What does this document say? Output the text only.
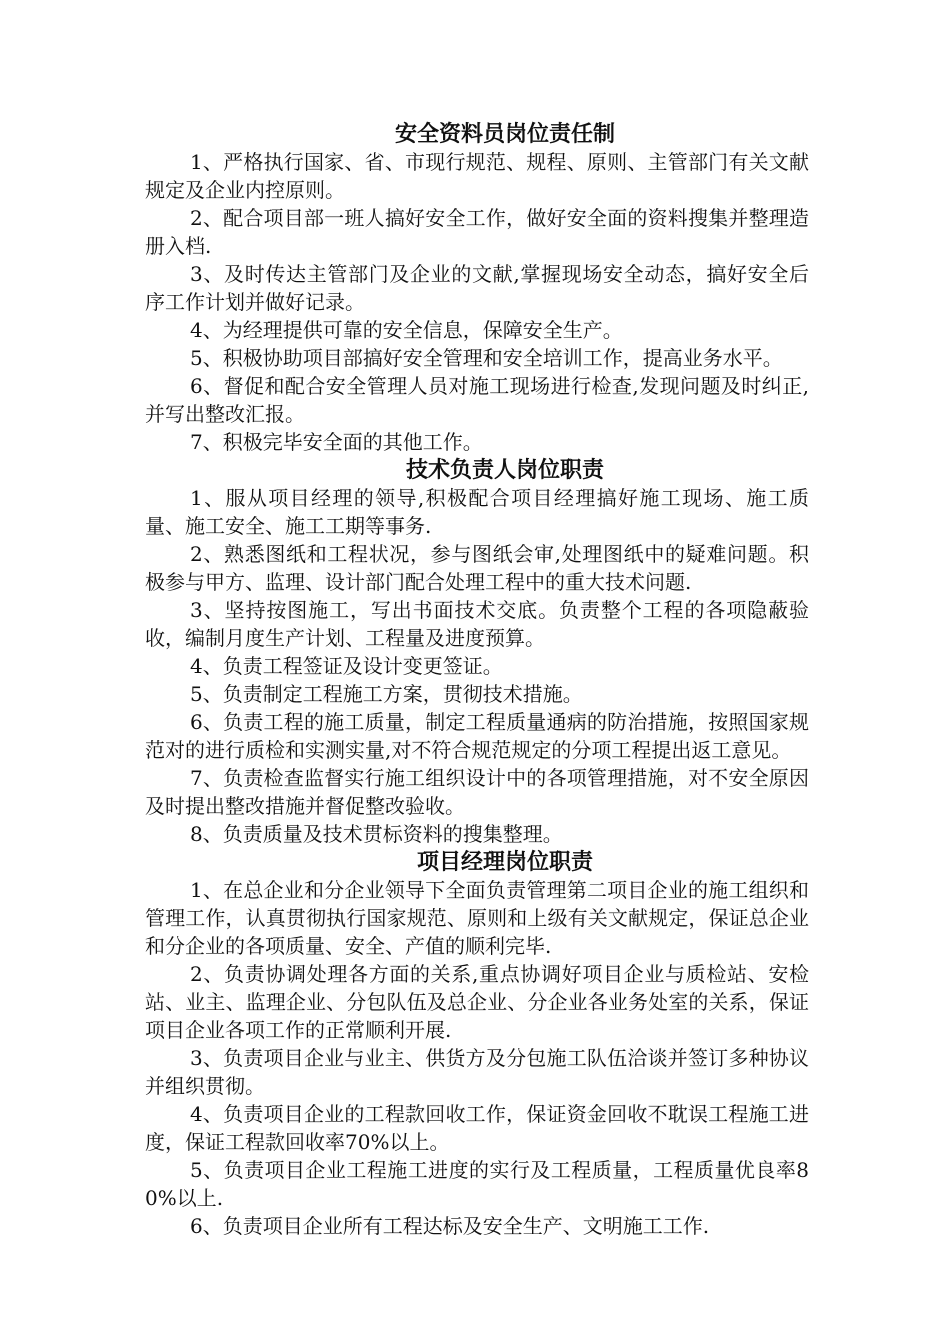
安全资料员岗位责任制

1、严格执行国家、省、市现行规范、规程、原则、主管部门有关文献规定及企业内控原则。

2、配合项目部一班人搞好安全工作，做好安全面的资料搜集并整理造册入档.

3、及时传达主管部门及企业的文献,掌握现场安全动态，搞好安全后序工作计划并做好记录。

4、为经理提供可靠的安全信息，保障安全生产。

5、积极协助项目部搞好安全管理和安全培训工作，提高业务水平。

6、督促和配合安全管理人员对施工现场进行检查,发现问题及时纠正,并写出整改汇报。

7、积极完毕安全面的其他工作。

技术负责人岗位职责

1、服从项目经理的领导,积极配合项目经理搞好施工现场、施工质量、施工安全、施工工期等事务.

2、熟悉图纸和工程状况，参与图纸会审,处理图纸中的疑难问题。积极参与甲方、监理、设计部门配合处理工程中的重大技术问题.

3、坚持按图施工，写出书面技术交底。负责整个工程的各项隐蔽验收，编制月度生产计划、工程量及进度预算。

4、负责工程签证及设计变更签证。

5、负责制定工程施工方案，贯彻技术措施。

6、负责工程的施工质量，制定工程质量通病的防治措施，按照国家规范对的进行质检和实测实量,对不符合规范规定的分项工程提出返工意见。

7、负责检查监督实行施工组织设计中的各项管理措施，对不安全原因及时提出整改措施并督促整改验收。

8、负责质量及技术贯标资料的搜集整理。

项目经理岗位职责

1、在总企业和分企业领导下全面负责管理第二项目企业的施工组织和管理工作，认真贯彻执行国家规范、原则和上级有关文献规定，保证总企业和分企业的各项质量、安全、产值的顺利完毕.

2、负责协调处理各方面的关系,重点协调好项目企业与质检站、安检站、业主、监理企业、分包队伍及总企业、分企业各业务处室的关系，保证项目企业各项工作的正常顺利开展.

3、负责项目企业与业主、供货方及分包施工队伍洽谈并签订多种协议并组织贯彻。

4、负责项目企业的工程款回收工作，保证资金回收不耽误工程施工进度，保证工程款回收率70%以上。

5、负责项目企业工程施工进度的实行及工程质量，工程质量优良率80%以上.

6、负责项目企业所有工程达标及安全生产、文明施工工作.
